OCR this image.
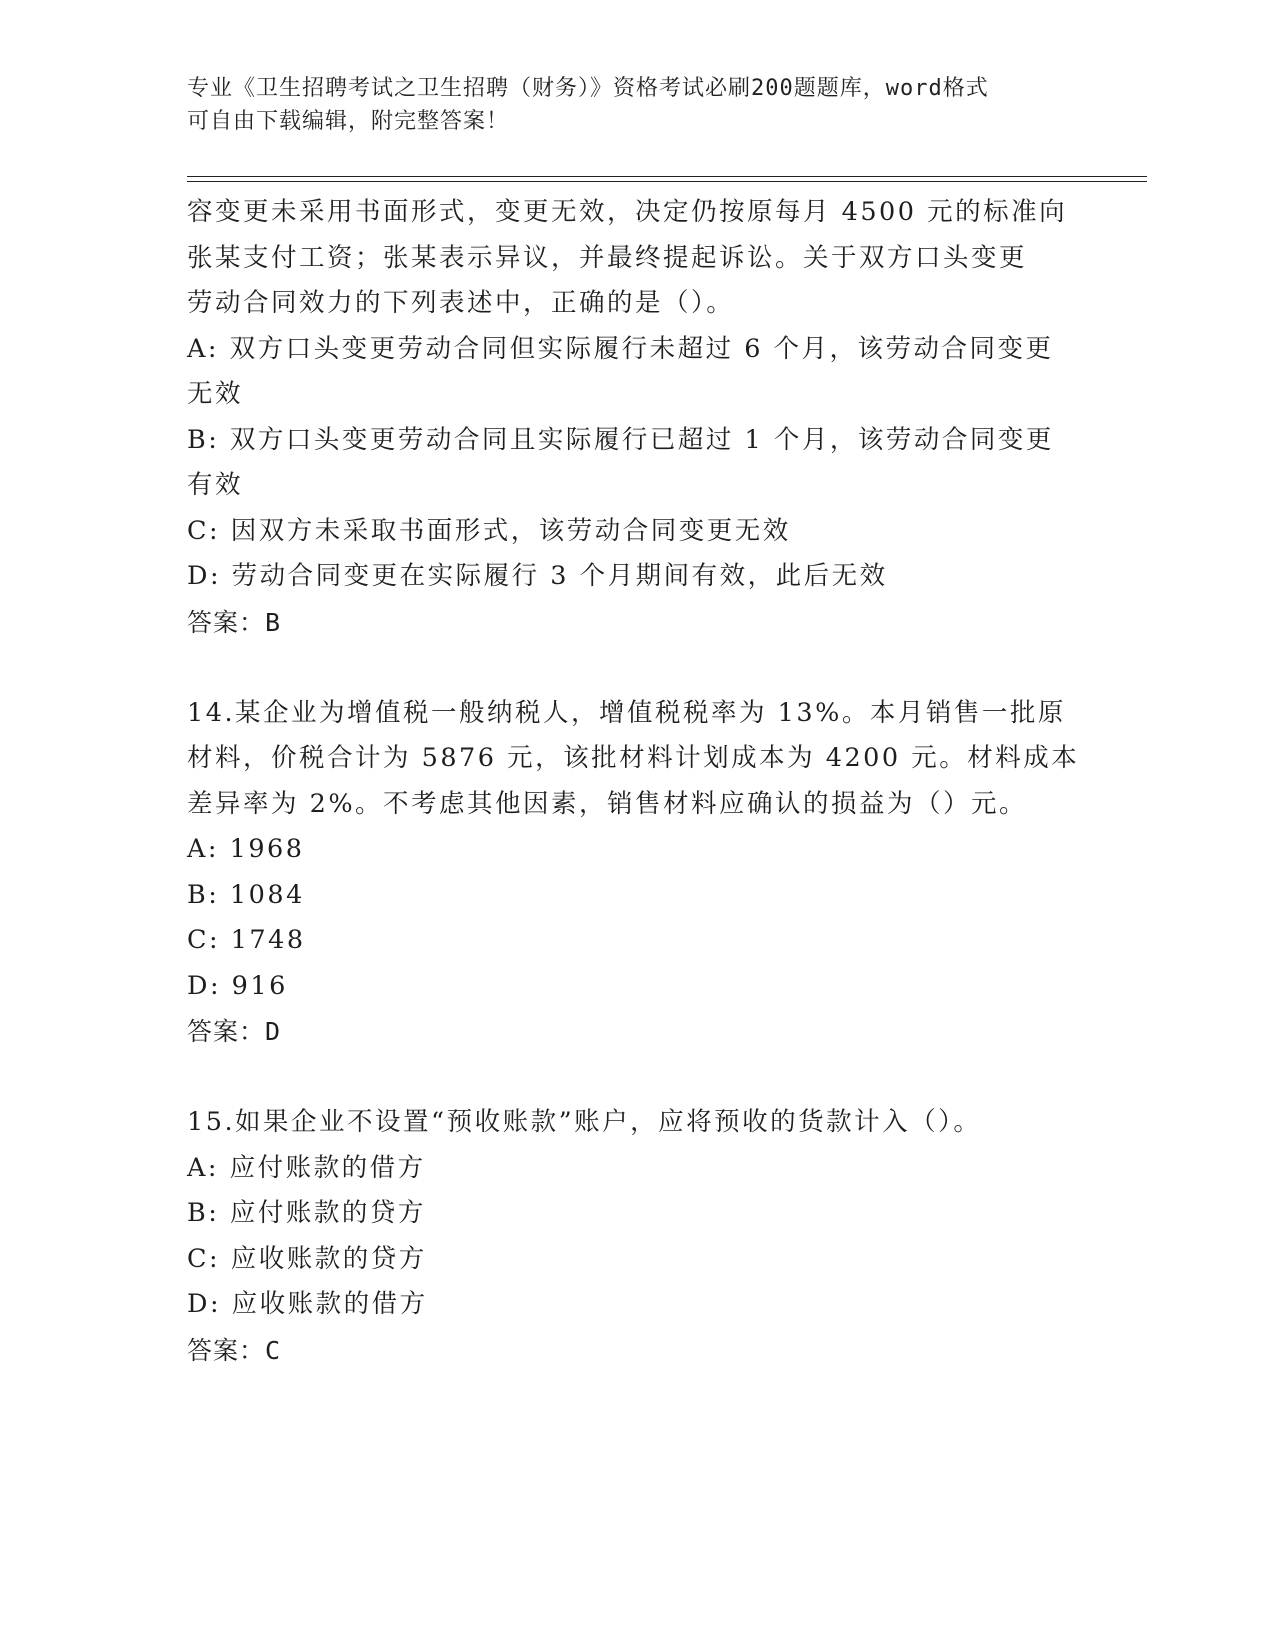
专业《卫生招聘考试之卫生招聘（财务）》资格考试必刷200题题库，word格式
可自由下载编辑，附完整答案！
容变更未采用书面形式，变更无效，决定仍按原每月 4500 元的标准向
张某支付工资；张某表示异议，并最终提起诉讼。关于双方口头变更
劳动合同效力的下列表述中，正确的是（）。
A: 双方口头变更劳动合同但实际履行未超过 6 个月，该劳动合同变更
无效
B: 双方口头变更劳动合同且实际履行已超过 1 个月，该劳动合同变更
有效
C: 因双方未采取书面形式，该劳动合同变更无效
D: 劳动合同变更在实际履行 3 个月期间有效，此后无效
答案：B
14.某企业为增值税一般纳税人，增值税税率为 13%。本月销售一批原
材料，价税合计为 5876 元，该批材料计划成本为 4200 元。材料成本
差异率为 2%。不考虑其他因素，销售材料应确认的损益为（）元。
A: 1968
B: 1084
C: 1748
D: 916
答案：D
15.如果企业不设置“预收账款”账户，应将预收的货款计入（）。
A: 应付账款的借方
B: 应付账款的贷方
C: 应收账款的贷方
D: 应收账款的借方
答案：C
